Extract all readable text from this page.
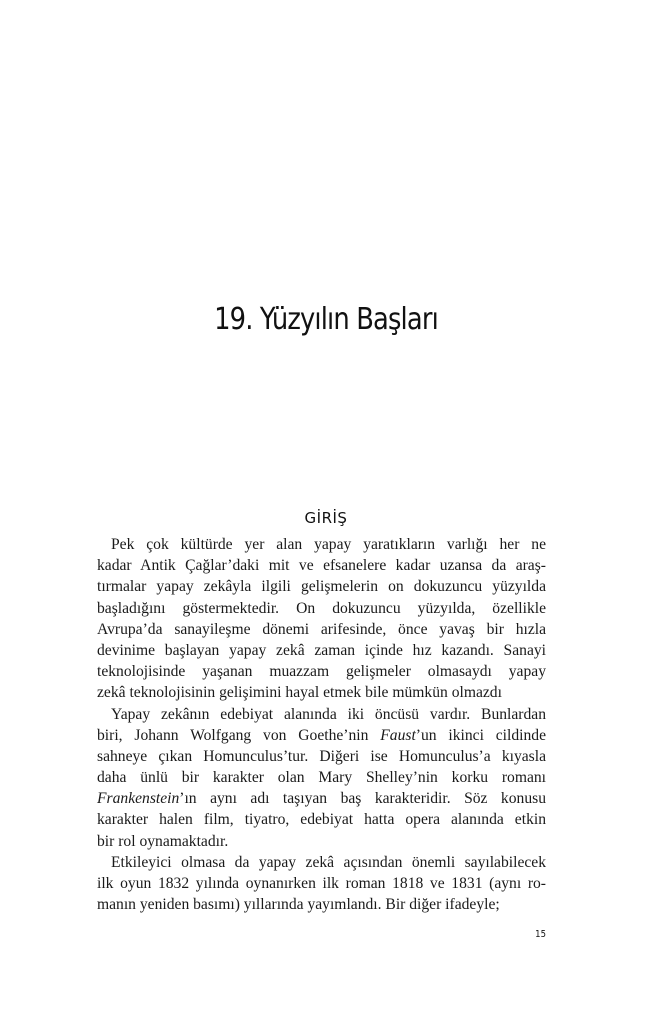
19. Yüzyılın Başları
GİRİŞ
Pek çok kültürde yer alan yapay yaratıkların varlığı her ne
kadar Antik Çağlar’daki mit ve efsanelere kadar uzansa da araş-
tırmalar yapay zekâyla ilgili gelişmelerin on dokuzuncu yüzyılda
başladığını göstermektedir. On dokuzuncu yüzyılda, özellikle
Avrupa’da sanayileşme dönemi arifesinde, önce yavaş bir hızla
devinime başlayan yapay zekâ zaman içinde hız kazandı. Sanayi
teknolojisinde yaşanan muazzam gelişmeler olmasaydı yapay
zekâ teknolojisinin gelişimini hayal etmek bile mümkün olmazdı
Yapay zekânın edebiyat alanında iki öncüsü vardır. Bunlardan
biri, Johann Wolfgang von Goethe’nin Faust’un ikinci cildinde
sahneye çıkan Homunculus’tur. Diğeri ise Homunculus’a kıyasla
daha ünlü bir karakter olan Mary Shelley’nin korku romanı
Frankenstein’ın aynı adı taşıyan baş karakteridir. Söz konusu
karakter halen film, tiyatro, edebiyat hatta opera alanında etkin
bir rol oynamaktadır.
Etkileyici olmasa da yapay zekâ açısından önemli sayılabilecek
ilk oyun 1832 yılında oynanırken ilk roman 1818 ve 1831 (aynı ro-
manın yeniden basımı) yıllarında yayımlandı. Bir diğer ifadeyle;
15
